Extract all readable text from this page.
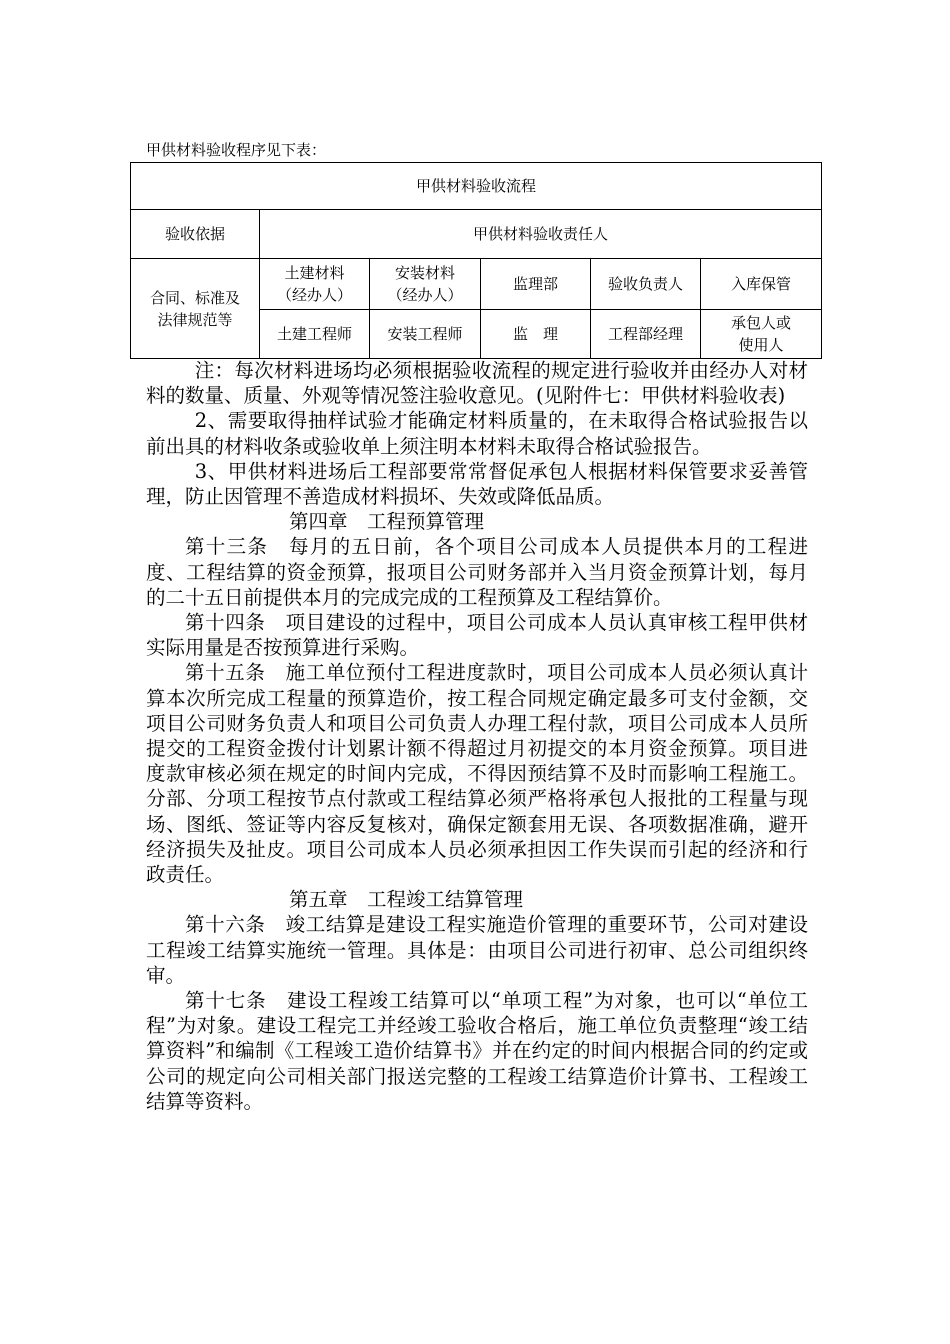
甲供材料验收程序见下表：
甲供材料验收流程					
验收依据	甲供材料验收责任人				

合同、标准及法律规范等	土建材料（经办人）	安装材料（经办人）	监理部	验收负责人	入库保管
	土建工程师	安装工程师	监　理	工程部经理	承包人或使用人

注：每次材料进场均必须根据验收流程的规定进行验收并由经办人对材料的数量、质量、外观等情况签注验收意见。(见附件七：甲供材料验收表)

2、需要取得抽样试验才能确定材料质量的，在未取得合格试验报告以前出具的材料收条或验收单上须注明本材料未取得合格试验报告。

3、甲供材料进场后工程部要常常督促承包人根据材料保管要求妥善管理，防止因管理不善造成材料损坏、失效或降低品质。

第四章　工程预算管理

第十三条　每月的五日前，各个项目公司成本人员提供本月的工程进度、工程结算的资金预算，报项目公司财务部并入当月资金预算计划，每月的二十五日前提供本月的完成完成的工程预算及工程结算价。

第十四条　项目建设的过程中，项目公司成本人员认真审核工程甲供材实际用量是否按预算进行采购。

第十五条　施工单位预付工程进度款时，项目公司成本人员必须认真计算本次所完成工程量的预算造价，按工程合同规定确定最多可支付金额，交项目公司财务负责人和项目公司负责人办理工程付款，项目公司成本人员所提交的工程资金拨付计划累计额不得超过月初提交的本月资金预算。项目进度款审核必须在规定的时间内完成，不得因预结算不及时而影响工程施工。分部、分项工程按节点付款或工程结算必须严格将承包人报批的工程量与现场、图纸、签证等内容反复核对，确保定额套用无误、各项数据准确，避开经济损失及扯皮。项目公司成本人员必须承担因工作失误而引起的经济和行政责任。

第五章　工程竣工结算管理

第十六条　竣工结算是建设工程实施造价管理的重要环节，公司对建设工程竣工结算实施统一管理。具体是：由项目公司进行初审、总公司组织终审。

第十七条　建设工程竣工结算可以“单项工程”为对象，也可以“单位工程”为对象。建设工程完工并经竣工验收合格后，施工单位负责整理“竣工结算资料”和编制《工程竣工造价结算书》并在约定的时间内根据合同的约定或公司的规定向公司相关部门报送完整的工程竣工结算造价计算书、工程竣工结算等资料。
